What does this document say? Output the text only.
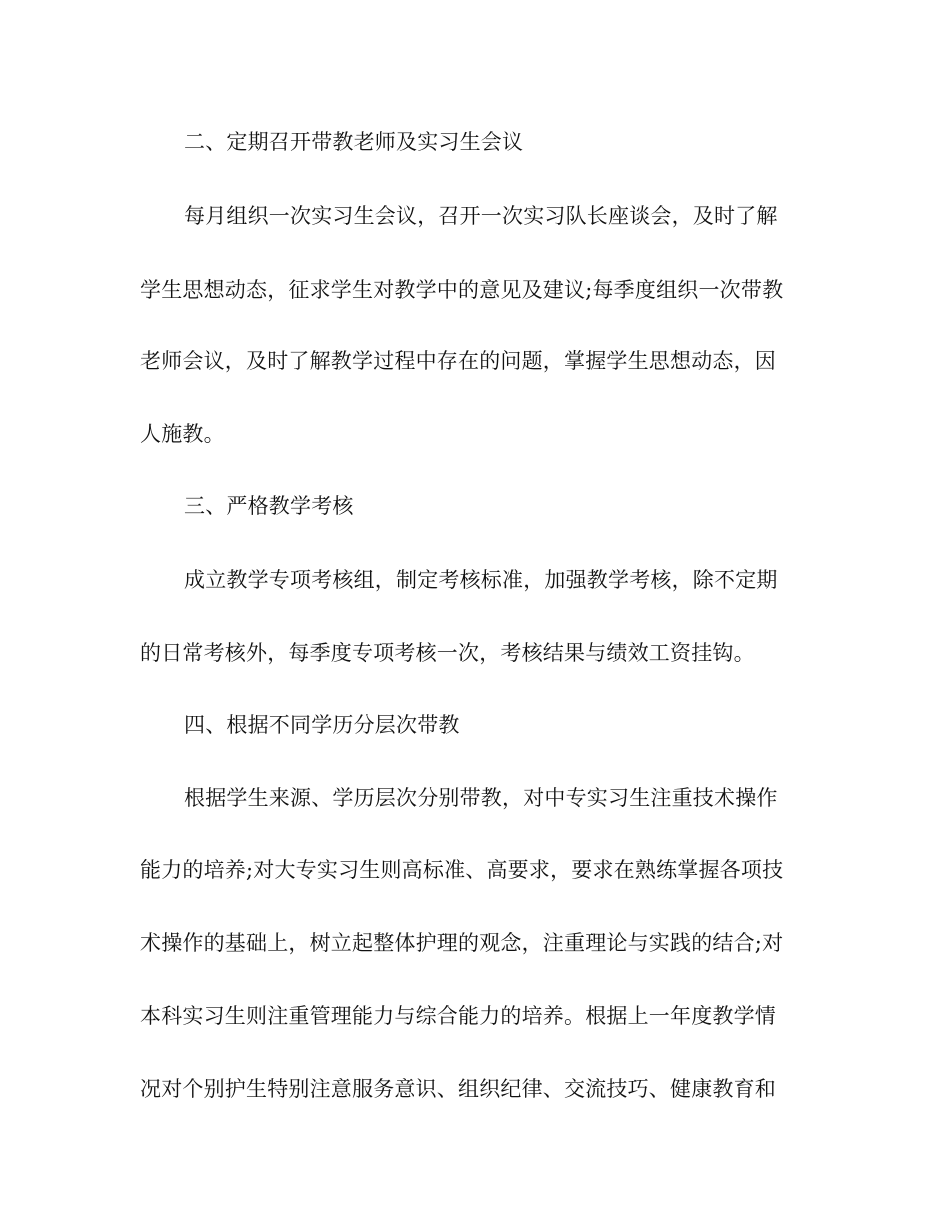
二、定期召开带教老师及实习生会议
每月组织一次实习生会议，召开一次实习队长座谈会，及时了解
学生思想动态，征求学生对教学中的意见及建议;每季度组织一次带教
老师会议，及时了解教学过程中存在的问题，掌握学生思想动态，因
人施教。
三、严格教学考核
成立教学专项考核组，制定考核标准，加强教学考核，除不定期
的日常考核外，每季度专项考核一次，考核结果与绩效工资挂钩。
四、根据不同学历分层次带教
根据学生来源、学历层次分别带教，对中专实习生注重技术操作
能力的培养;对大专实习生则高标准、高要求，要求在熟练掌握各项技
术操作的基础上，树立起整体护理的观念，注重理论与实践的结合;对
本科实习生则注重管理能力与综合能力的培养。根据上一年度教学情
况对个别护生特别注意服务意识、组织纪律、交流技巧、健康教育和
